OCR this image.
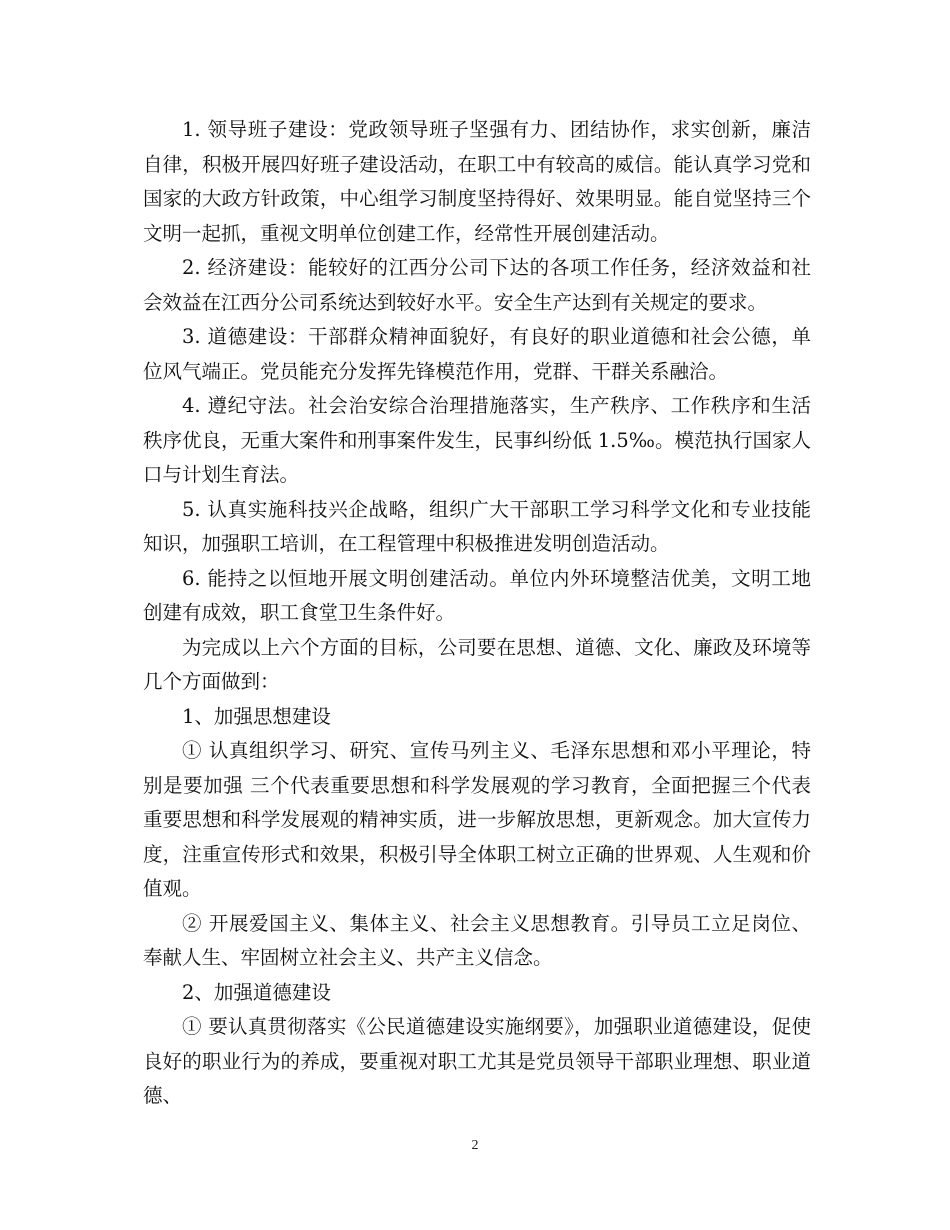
1. 领导班子建设：党政领导班子坚强有力、团结协作，求实创新，廉洁自律，积极开展四好班子建设活动，在职工中有较高的威信。能认真学习党和国家的大政方针政策，中心组学习制度坚持得好、效果明显。能自觉坚持三个文明一起抓，重视文明单位创建工作，经常性开展创建活动。

2. 经济建设：能较好的江西分公司下达的各项工作任务，经济效益和社会效益在江西分公司系统达到较好水平。安全生产达到有关规定的要求。

3. 道德建设：干部群众精神面貌好，有良好的职业道德和社会公德，单位风气端正。党员能充分发挥先锋模范作用，党群、干群关系融洽。

4. 遵纪守法。社会治安综合治理措施落实，生产秩序、工作秩序和生活秩序优良，无重大案件和刑事案件发生，民事纠纷低 1.5‰。模范执行国家人口与计划生育法。

5. 认真实施科技兴企战略，组织广大干部职工学习科学文化和专业技能知识，加强职工培训，在工程管理中积极推进发明创造活动。

6. 能持之以恒地开展文明创建活动。单位内外环境整洁优美，文明工地创建有成效，职工食堂卫生条件好。

为完成以上六个方面的目标，公司要在思想、道德、文化、廉政及环境等几个方面做到：

1、加强思想建设

① 认真组织学习、研究、宣传马列主义、毛泽东思想和邓小平理论，特别是要加强 三个代表重要思想和科学发展观的学习教育，全面把握三个代表重要思想和科学发展观的精神实质，进一步解放思想，更新观念。加大宣传力度，注重宣传形式和效果，积极引导全体职工树立正确的世界观、人生观和价值观。

② 开展爱国主义、集体主义、社会主义思想教育。引导员工立足岗位、奉献人生、牢固树立社会主义、共产主义信念。

2、加强道德建设

① 要认真贯彻落实《公民道德建设实施纲要》，加强职业道德建设，促使良好的职业行为的养成，要重视对职工尤其是党员领导干部职业理想、职业道德、

2
